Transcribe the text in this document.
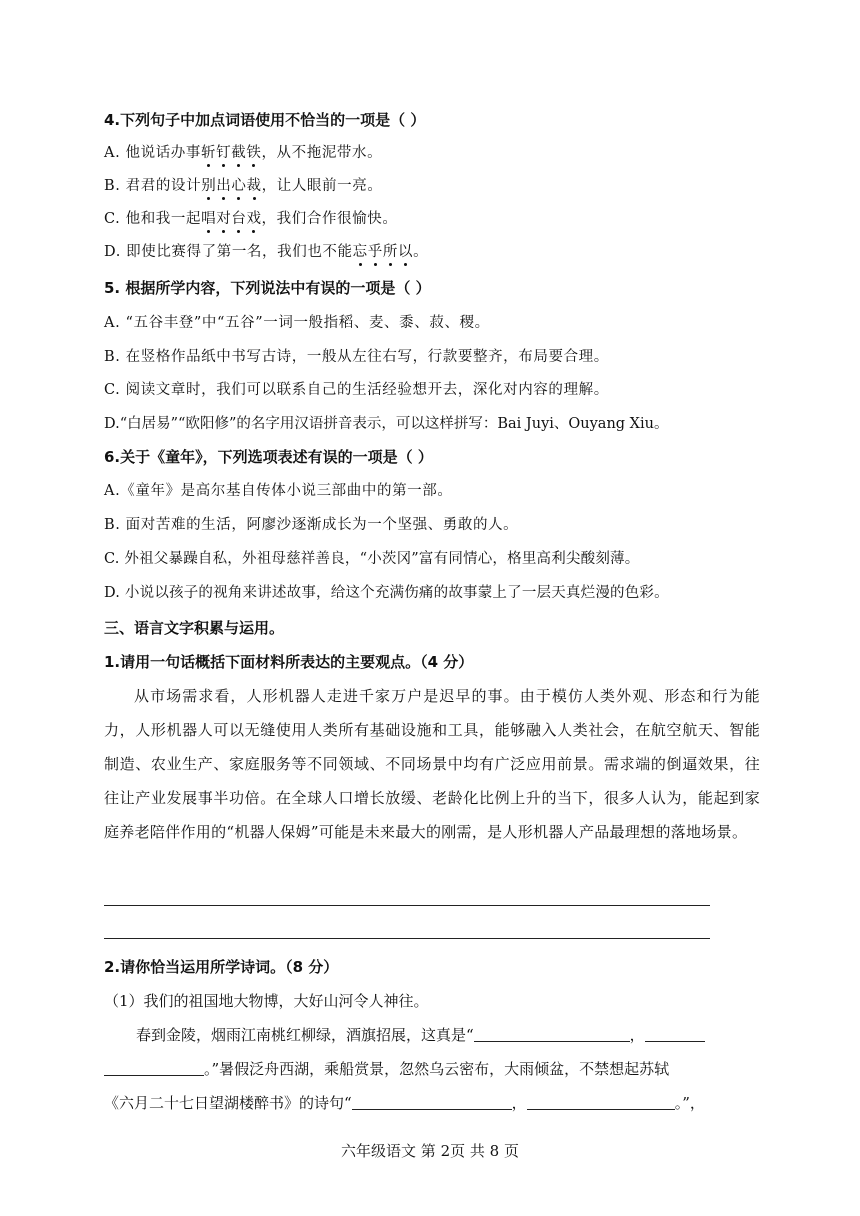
4.下列句子中加点词语使用不恰当的一项是（ ）
A. 他说话办事斩钉截铁，从不拖泥带水。
B. 君君的设计别出心裁，让人眼前一亮。
C. 他和我一起唱对台戏，我们合作很愉快。
D. 即使比赛得了第一名，我们也不能忘乎所以。
5. 根据所学内容，下列说法中有误的一项是（ ）
A. “五谷丰登”中“五谷”一词一般指稻、麦、黍、菽、稷。
B. 在竖格作品纸中书写古诗，一般从左往右写，行款要整齐，布局要合理。
C. 阅读文章时，我们可以联系自己的生活经验想开去，深化对内容的理解。
D.“白居易”“欧阳修”的名字用汉语拼音表示，可以这样拼写：Bai Juyi、Ouyang Xiu。
6.关于《童年》，下列选项表述有误的一项是（ ）
A.《童年》是高尔基自传体小说三部曲中的第一部。
B. 面对苦难的生活，阿廖沙逐渐成长为一个坚强、勇敢的人。
C. 外祖父暴躁自私，外祖母慈祥善良，“小茨冈”富有同情心，格里高利尖酸刻薄。
D. 小说以孩子的视角来讲述故事，给这个充满伤痛的故事蒙上了一层天真烂漫的色彩。
三、语言文字积累与运用。
1.请用一句话概括下面材料所表达的主要观点。（4 分）
从市场需求看，人形机器人走进千家万户是迟早的事。由于模仿人类外观、形态和行为能力，人形机器人可以无缝使用人类所有基础设施和工具，能够融入人类社会，在航空航天、智能制造、农业生产、家庭服务等不同领域、不同场景中均有广泛应用前景。需求端的倒逼效果，往往让产业发展事半功倍。在全球人口增长放缓、老龄化比例上升的当下，很多人认为，能起到家庭养老陪伴作用的“机器人保姆”可能是未来最大的刚需，是人形机器人产品最理想的落地场景。
2.请你恰当运用所学诗词。（8 分）
（1）我们的祖国地大物博，大好山河令人神往。
春到金陵，烟雨江南桃红柳绿，酒旗招展，这真是“	，
。”暑假泛舟西湖，乘船赏景，忽然乌云密布，大雨倾盆，不禁想起苏轼
《六月二十七日望湖楼醉书》的诗句“	，	。”，
六年级语文 第 2页 共 8 页
